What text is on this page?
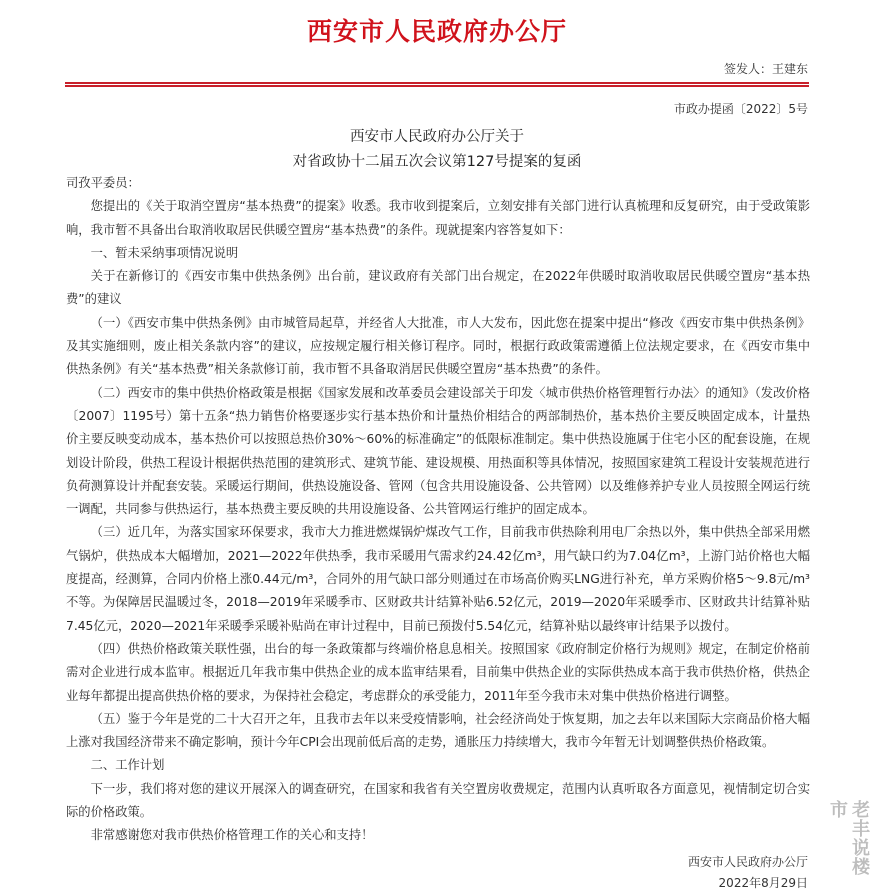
西安市人民政府办公厅
签发人：王建东
市政办提函〔2022〕5号
西安市人民政府办公厅关于
对省政协十二届五次会议第127号提案的复函

司孜平委员：

您提出的《关于取消空置房“基本热费”的提案》收悉。我市收到提案后，立刻安排有关部门进行认真梳理和反复研究，由于受政策影响，我市暂不具备出台取消收取居民供暖空置房“基本热费”的条件。现就提案内容答复如下：

一、暂未采纳事项情况说明

关于在新修订的《西安市集中供热条例》出台前，建议政府有关部门出台规定，在2022年供暖时取消收取居民供暖空置房“基本热费”的建议

（一）《西安市集中供热条例》由市城管局起草，并经省人大批准，市人大发布，因此您在提案中提出“修改《西安市集中供热条例》及其实施细则，废止相关条款内容”的建议，应按规定履行相关修订程序。同时，根据行政政策需遵循上位法规定要求，在《西安市集中供热条例》有关“基本热费”相关条款修订前，我市暂不具备取消居民供暖空置房“基本热费”的条件。

（二）西安市的集中供热价格政策是根据《国家发展和改革委员会建设部关于印发〈城市供热价格管理暂行办法〉的通知》（发改价格〔2007〕1195号）第十五条“热力销售价格要逐步实行基本热价和计量热价相结合的两部制热价，基本热价主要反映固定成本，计量热价主要反映变动成本，基本热价可以按照总热价30%～60%的标准确定”的低限标准制定。集中供热设施属于住宅小区的配套设施，在规划设计阶段，供热工程设计根据供热范围的建筑形式、建筑节能、建设规模、用热面积等具体情况，按照国家建筑工程设计安装规范进行负荷测算设计并配套安装。采暖运行期间，供热设施设备、管网（包含共用设施设备、公共管网）以及维修养护专业人员按照全网运行统一调配，共同参与供热运行，基本热费主要反映的共用设施设备、公共管网运行维护的固定成本。

（三）近几年，为落实国家环保要求，我市大力推进燃煤锅炉煤改气工作，目前我市供热除利用电厂余热以外，集中供热全部采用燃气锅炉，供热成本大幅增加，2021—2022年供热季，我市采暖用气需求约24.42亿m³，用气缺口约为7.04亿m³，上游门站价格也大幅度提高，经测算，合同内价格上涨0.44元/m³，合同外的用气缺口部分则通过在市场高价购买LNG进行补充，单方采购价格5～9.8元/m³不等。为保障居民温暖过冬，2018—2019年采暖季市、区财政共计结算补贴6.52亿元，2019—2020年采暖季市、区财政共计结算补贴7.45亿元，2020—2021年采暖季采暖补贴尚在审计过程中，目前已预拨付5.54亿元，结算补贴以最终审计结果予以拨付。

（四）供热价格政策关联性强，出台的每一条政策都与终端价格息息相关。按照国家《政府制定价格行为规则》规定，在制定价格前需对企业进行成本监审。根据近几年我市集中供热企业的成本监审结果看，目前集中供热企业的实际供热成本高于我市供热价格，供热企业每年都提出提高供热价格的要求，为保持社会稳定，考虑群众的承受能力，2011年至今我市未对集中供热价格进行调整。

（五）鉴于今年是党的二十大召开之年，且我市去年以来受疫情影响，社会经济尚处于恢复期，加之去年以来国际大宗商品价格大幅上涨对我国经济带来不确定影响，预计今年CPI会出现前低后高的走势，通胀压力持续增大，我市今年暂无计划调整供热价格政策。

二、工作计划

下一步，我们将对您的建议开展深入的调查研究，在国家和我省有关空置房收费规定，范围内认真听取各方面意见，视情制定切合实际的价格政策。

非常感谢您对我市供热价格管理工作的关心和支持！

西安市人民政府办公厅
2022年8月29日
老丰说楼市
